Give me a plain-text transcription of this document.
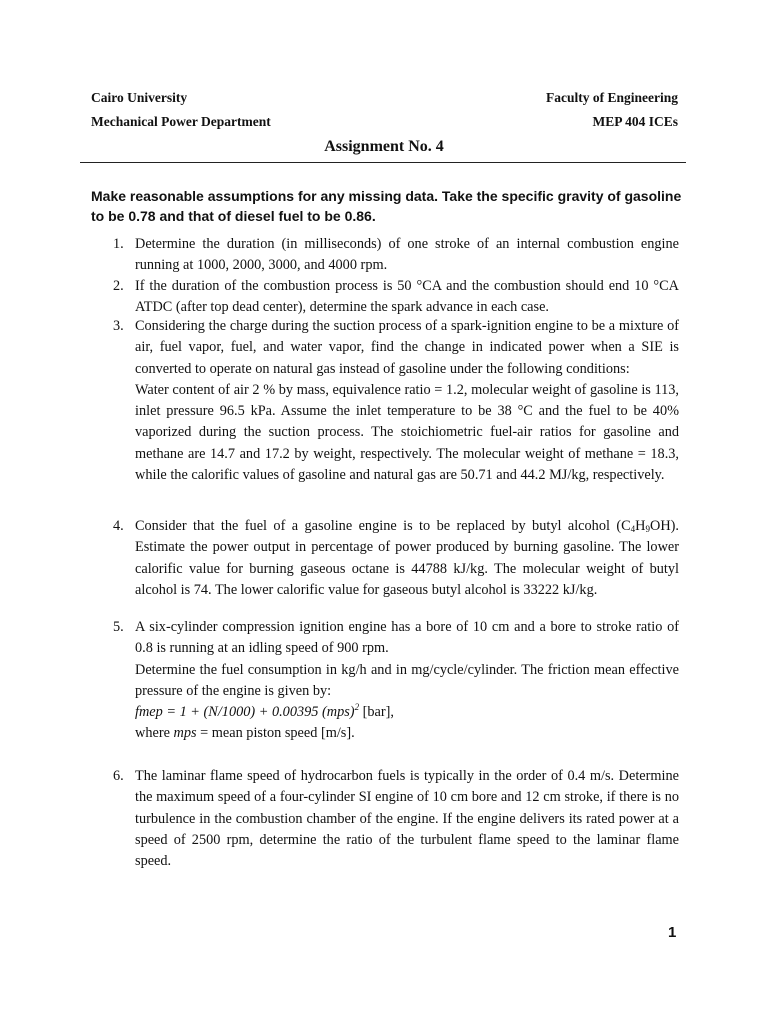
Cairo University
Mechanical Power Department
Faculty of Engineering
MEP 404 ICEs
Assignment No. 4
Make reasonable assumptions for any missing data. Take the specific gravity of gasoline to be 0.78 and that of diesel fuel to be 0.86.
1. Determine the duration (in milliseconds) of one stroke of an internal combustion engine running at 1000, 2000, 3000, and 4000 rpm.

2. If the duration of the combustion process is 50 °CA and the combustion should end 10 °CA ATDC (after top dead center), determine the spark advance in each case.

3. Considering the charge during the suction process of a spark-ignition engine to be a mixture of air, fuel vapor, fuel, and water vapor, find the change in indicated power when a SIE is converted to operate on natural gas instead of gasoline under the following conditions:

Water content of air 2 % by mass, equivalence ratio = 1.2, molecular weight of gasoline is 113, inlet pressure 96.5 kPa. Assume the inlet temperature to be 38 °C and the fuel to be 40% vaporized during the suction process. The stoichiometric fuel-air ratios for gasoline and methane are 14.7 and 17.2 by weight, respectively. The molecular weight of methane = 18.3, while the calorific values of gasoline and natural gas are 50.71 and 44.2 MJ/kg, respectively.

4. Consider that the fuel of a gasoline engine is to be replaced by butyl alcohol $(C_4H_9OH)$. Estimate the power output in percentage of power produced by burning gasoline. The lower calorific value for burning gaseous octane is 44788 kJ/kg. The molecular weight of butyl alcohol is 74. The lower calorific value for gaseous butyl alcohol is 33222 kJ/kg.

5. A six-cylinder compression ignition engine has a bore of 10 cm and a bore to stroke ratio of 0.8 is running at an idling speed of 900 rpm.

Determine the fuel consumption in kg/h and in mg/cycle/cylinder. The friction mean effective pressure of the engine is given by:

fmep = 1 + (N/1000) + 0.00395 (mps)$^2$ [bar],

where mps = mean piston speed [m/s].

6. The laminar flame speed of hydrocarbon fuels is typically in the order of 0.4 m/s. Determine the maximum speed of a four-cylinder SI engine of 10 cm bore and 12 cm stroke, if there is no turbulence in the combustion chamber of the engine. If the engine delivers its rated power at a speed of 2500 rpm, determine the ratio of the turbulent flame speed to the laminar flame speed.

1
